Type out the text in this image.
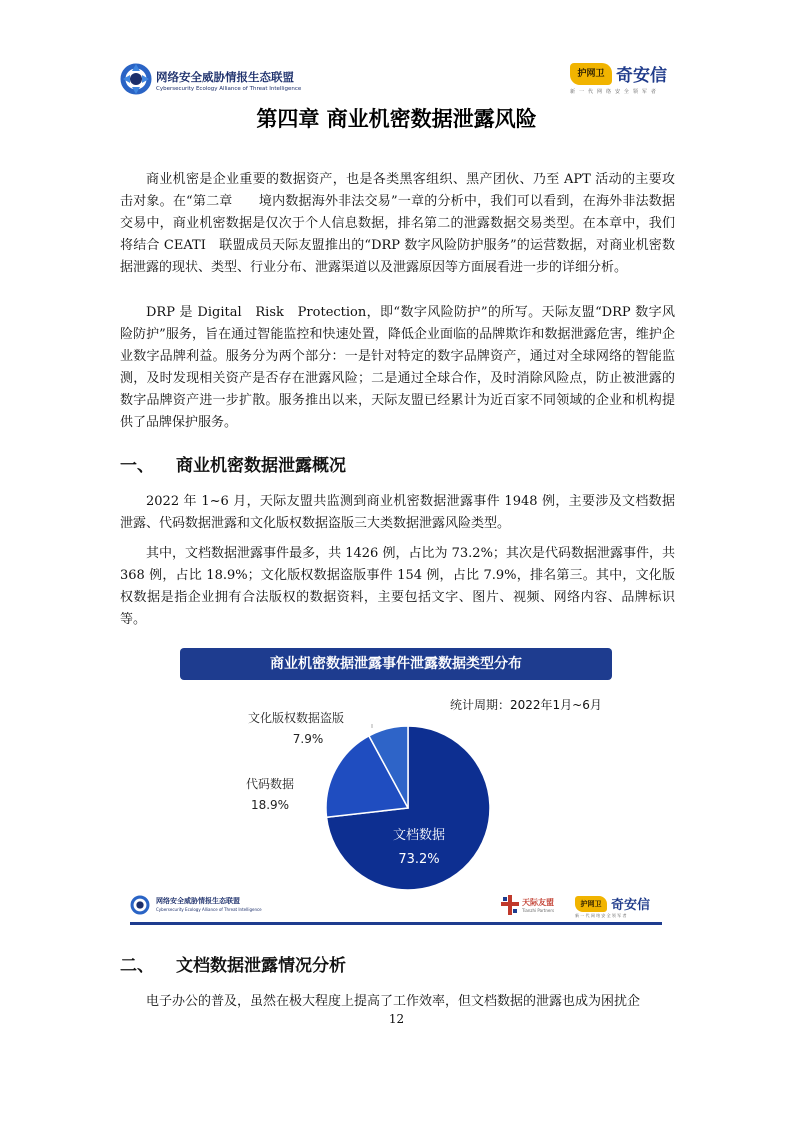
网络安全威胁情报生态联盟
Cybersecurity Ecology Alliance of Threat Intelligence
护网卫 奇安信
新 一 代 网 络 安 全 领 军 者
第四章 商业机密数据泄露风险

商业机密是企业重要的数据资产，也是各类黑客组织、黑产团伙、乃至 APT 活动的主要攻击对象。在“第二章　　境内数据海外非法交易”一章的分析中，我们可以看到，在海外非法数据交易中，商业机密数据是仅次于个人信息数据，排名第二的泄露数据交易类型。在本章中，我们将结合 CEATI　联盟成员天际友盟推出的“DRP 数字风险防护服务”的运营数据，对商业机密数据泄露的现状、类型、行业分布、泄露渠道以及泄露原因等方面展看进一步的详细分析。

DRP 是 Digital　Risk　Protection，即“数字风险防护”的所写。天际友盟“DRP 数字风险防护”服务，旨在通过智能监控和快速处置，降低企业面临的品牌欺诈和数据泄露危害，维护企业数字品牌利益。服务分为两个部分：一是针对特定的数字品牌资产，通过对全球网络的智能监测，及时发现相关资产是否存在泄露风险；二是通过全球合作，及时消除风险点，防止被泄露的数字品牌资产进一步扩散。服务推出以来，天际友盟已经累计为近百家不同领域的企业和机构提供了品牌保护服务。

一、 商业机密数据泄露概况

2022 年 1~6 月，天际友盟共监测到商业机密数据泄露事件 1948 例，主要涉及文档数据泄露、代码数据泄露和文化版权数据盗版三大类数据泄露风险类型。

其中，文档数据泄露事件最多，共 1426 例，占比为 73.2%；其次是代码数据泄露事件，共 368 例，占比 18.9%；文化版权数据盗版事件 154 例，占比 7.9%，排名第三。其中，文化版权数据是指企业拥有合法版权的数据资料，主要包括文字、图片、视频、网络内容、品牌标识等。

商业机密数据泄露事件泄露数据类型分布
统计周期：2022年1月~6月
文化版权数据盗版
7.9%
代码数据
18.9%
文档数据
73.2%
网络安全威胁情报生态联盟
Cybersecurity Ecology Alliance of Threat Intelligence
天际友盟
Tianzhi Partners
护网卫 奇安信
新 一 代 网 络 安 全 领 军 者
二、 文档数据泄露情况分析

电子办公的普及，虽然在极大程度上提高了工作效率，但文档数据的泄露也成为困扰企

12
